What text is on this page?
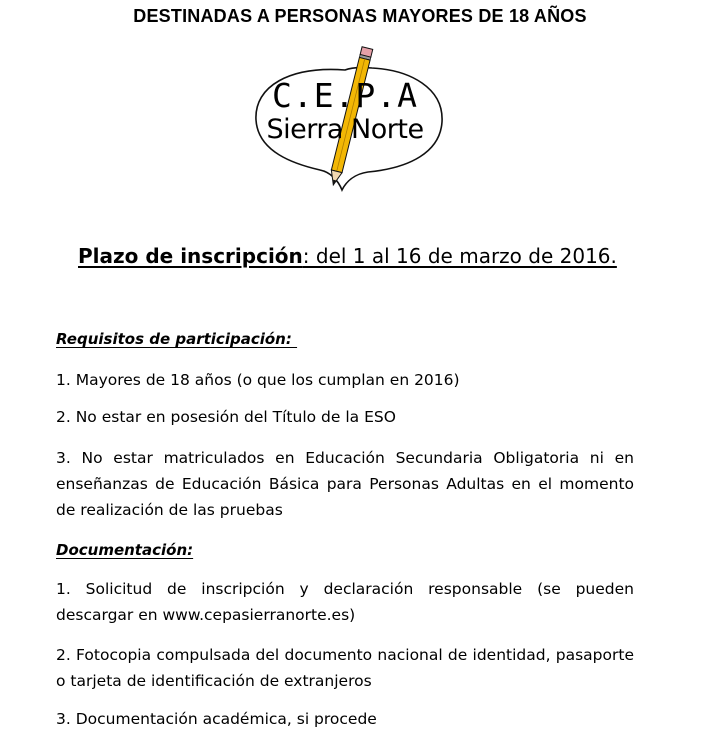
DESTINADAS A PERSONAS MAYORES DE 18 AÑOS
C.E.P.A
Sierra Norte
Plazo de inscripción: del 1 al 16 de marzo de 2016.
Requisitos de participación:
1. Mayores de 18 años (o que los cumplan en 2016)
2. No estar en posesión del Título de la ESO
3. No estar matriculados en Educación Secundaria Obligatoria ni en enseñanzas de Educación Básica para Personas Adultas en el momento de realización de las pruebas
Documentación:
1. Solicitud de inscripción y declaración responsable (se pueden descargar en www.cepasierranorte.es)
2. Fotocopia compulsada del documento nacional de identidad, pasaporte o tarjeta de identificación de extranjeros
3. Documentación académica, si procede
